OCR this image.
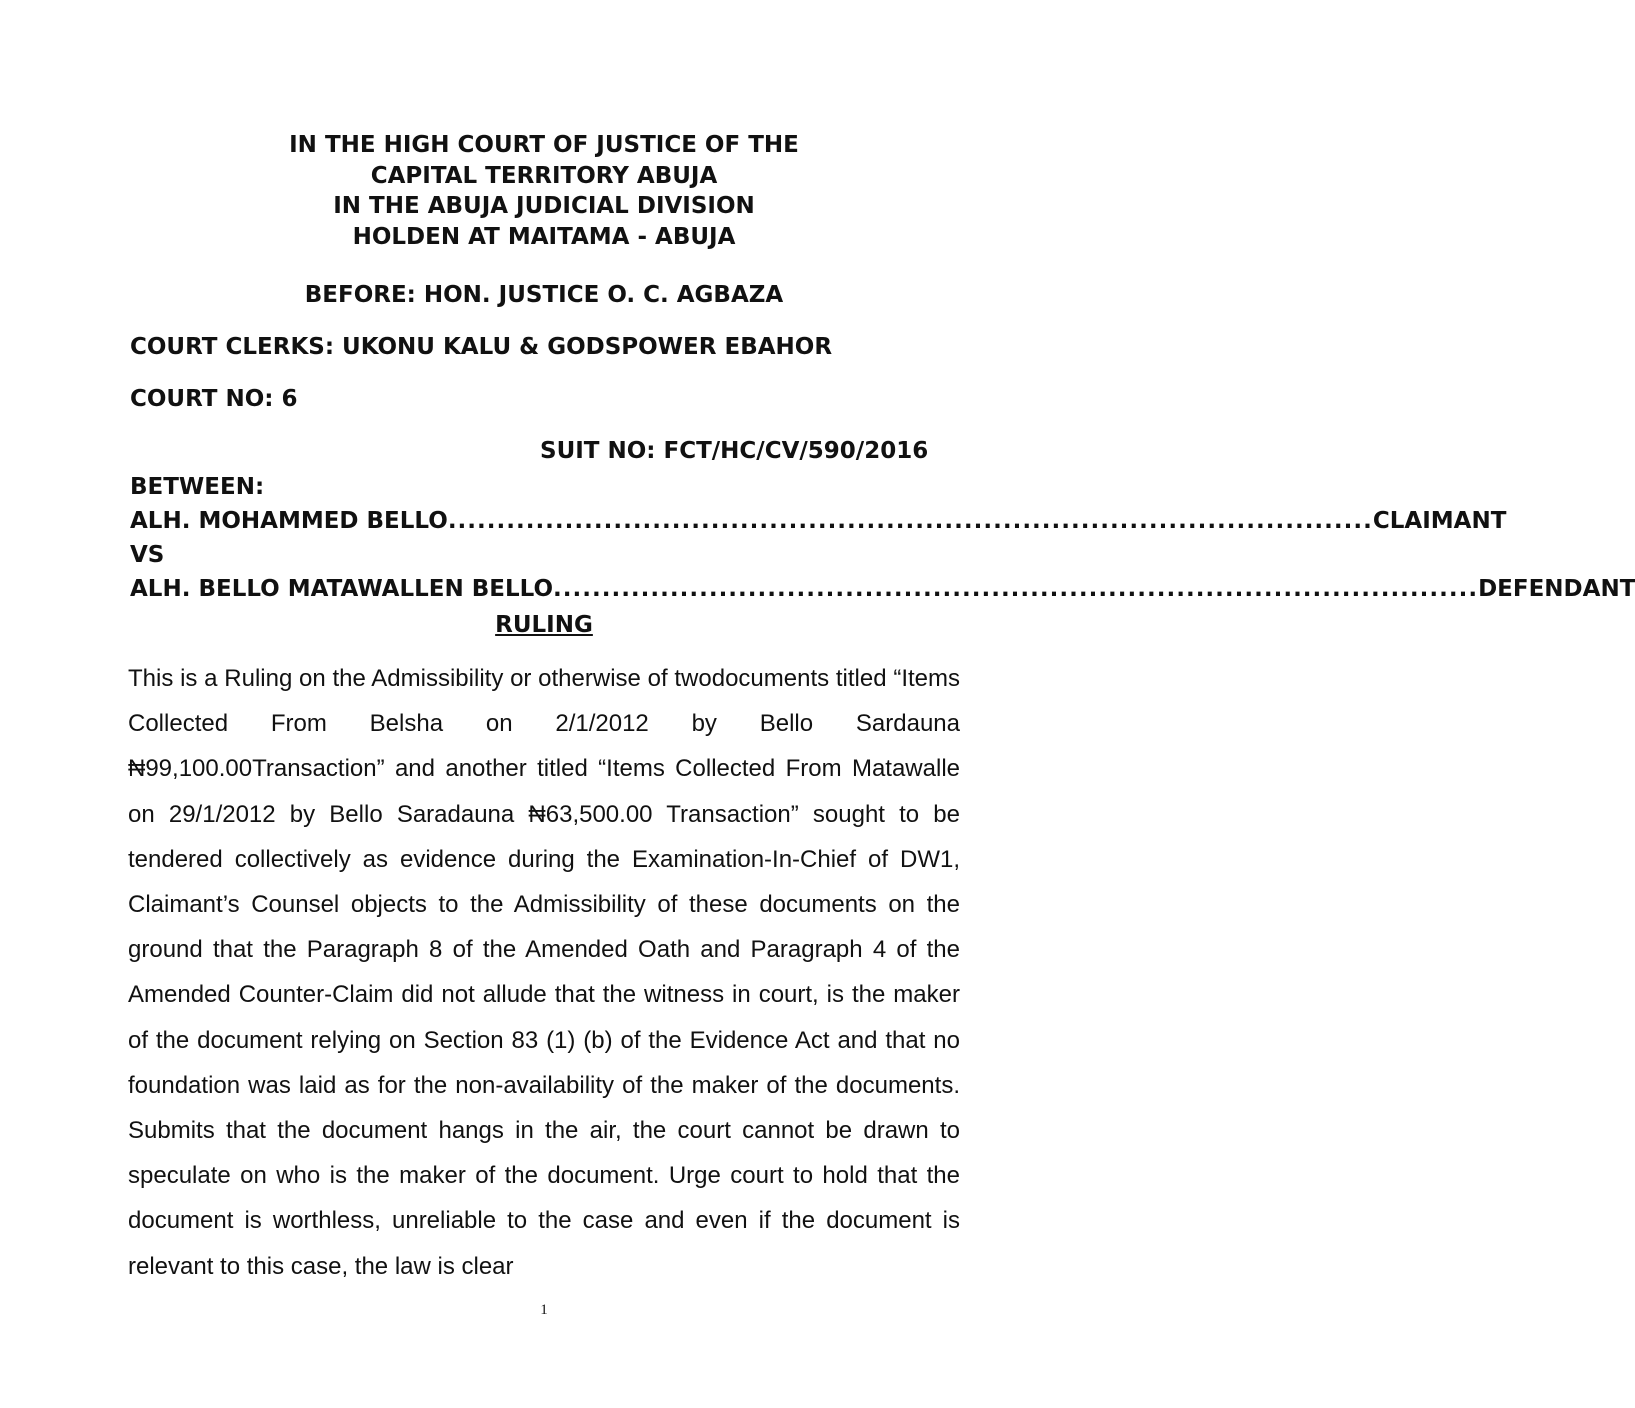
IN THE HIGH COURT OF JUSTICE OF THE
CAPITAL TERRITORY ABUJA
IN THE ABUJA JUDICIAL DIVISION
HOLDEN AT MAITAMA - ABUJA
BEFORE: HON. JUSTICE O. C. AGBAZA
COURT CLERKS: UKONU KALU & GODSPOWER EBAHOR
COURT NO: 6
SUIT NO: FCT/HC/CV/590/2016
BETWEEN:
ALH. MOHAMMED BELLO ............................................................................................... CLAIMANT
VS
ALH. BELLO MATAWALLEN BELLO ............................................................................................... DEFENDANT
RULING

This is a Ruling on the Admissibility or otherwise of twodocuments titled “Items Collected From Belsha on 2/1/2012 by Bello Sardauna ₦99,100.00Transaction” and another titled “Items Collected From Matawalle on 29/1/2012 by Bello Saradauna ₦63,500.00 Transaction” sought to be tendered collectively as evidence during the Examination-In-Chief of DW1, Claimant’s Counsel objects to the Admissibility of these documents on the ground that the Paragraph 8 of the Amended Oath and Paragraph 4 of the Amended Counter-Claim did not allude that the witness in court, is the maker of the document relying on Section 83 (1) (b) of the Evidence Act and that no foundation was laid as for the non-availability of the maker of the documents. Submits that the document hangs in the air, the court cannot be drawn to speculate on who is the maker of the document. Urge court to hold that the document is worthless, unreliable to the case and even if the document is relevant to this case, the law is clear

1
